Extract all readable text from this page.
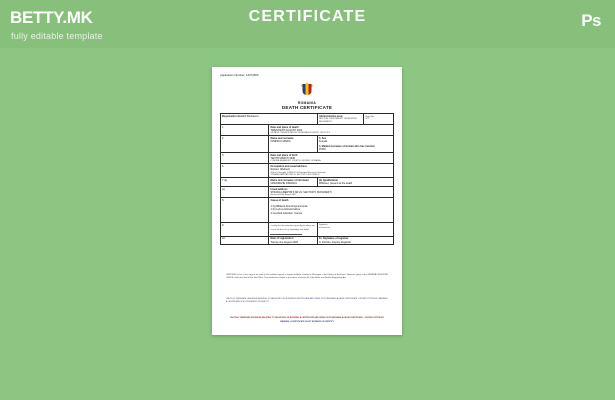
BETTY.MK
fully editable template
CERTIFICATE	Ps
Application Number: 14272363
ROMANIA
DEATH CERTIFICATE
Registration district: Bucharest		Administrative area:
SECTOR 1 BUCURESTI, MUNICIPIUL BUCURESTI	Entry No.
521

1.	Date and place of death
TWENTIETH AUGUST 2022
SPITALUL UNIVERSITAR DE URGENTA BUCURESTI, SECTOR 5		

2.	Name and surname
IONESCU MARIA

3. Sex
Female
4. Maiden surname of woman who has married
POPA

5.	Date and place of birth
TENTH MARCH 1948
COMUNA MIHAILESTI, JUDETUL GIURGIU, ROMANIA		

6.	Occupation and usual address
Retired. (Retired)
Wife of Gheorghe IONESCU of Municipiul Bucuresti, Romania.
STRADA LIBERTATII NR 24, SECTOR 5, BUCURESTI		

7.(a)	Name and surname of informant
GHEORGHE IONESCU	(b) Qualification
Widower, present at the death	

(c)	Usual address
STRADA LIBERTATII NR 24, SECTOR 5, BUCURESTI
Bucuresti B-dul, August 2022		

8.	Cause of death
1 (a) Bilateral bronchopneumonia
1 (b) Left ventricular failure
2 Cerebral infarction. Cancer.		

9.	I certify that the particulars given by me above are true to the best of my knowledge and belief.	Signature
of informant	

10.	Date of registration
Twenty-one August 2022	11. Signature of registrar
A. Dumitru, Deputy Registrar	
CERTIFIED to be a true copy of an entry in the certified copy of a register of Births, Deaths or Marriages in the District of Bucharest, Romania, given at the GENERAL REGISTER OFFICE, under the Seal of the said Office. This certificate is issued in pursuance of section 34 of the Births and Deaths Registration Act.
CAUTION: THERE ARE OFFENCES RELATING TO FALSIFYING OR ALTERING A CERTIFICATE AND USING OR POSSESSING A FALSE CERTIFICATE. CROWN COPYRIGHT. WARNING: A CERTIFICATE IS NOT EVIDENCE OF IDENTITY.
CAUTION: THERE ARE OFFENCES RELATING TO FALSIFYING OR ALTERING A CERTIFICATE AND USING OR POSSESSING A FALSE CERTIFICATE. ©CROWN COPYRIGHT
WARNING: A CERTIFICATE IS NOT EVIDENCE OF IDENTITY
